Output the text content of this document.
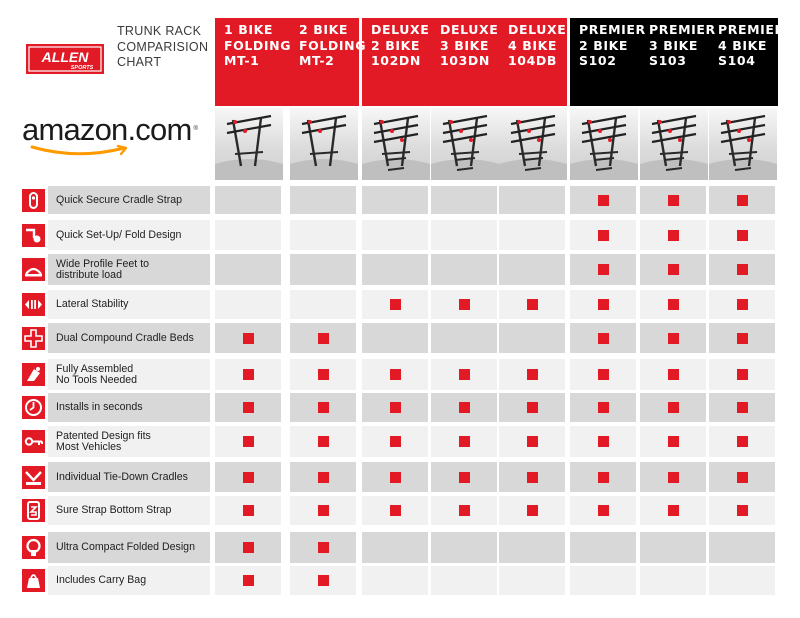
ALLEN
SPORTS
TRUNK RACK
COMPARISION
CHART
amazon.com ®
1 BIKE
FOLDING
MT-1
2 BIKE
FOLDING
MT-2
DELUXE
2 BIKE
102DN
DELUXE
3 BIKE
103DN
DELUXE
4 BIKE
104DB
PREMIER
2 BIKE
S102
PREMIER
3 BIKE
S103
PREMIER
4 BIKE
S104
Quick Secure Cradle Strap
Quick Set-Up/ Fold Design
Wide Profile Feet to
distribute load
Lateral Stability
Dual Compound Cradle Beds
Fully Assembled
No Tools Needed
Installs in seconds
Patented Design fits
Most Vehicles
Individual Tie-Down Cradles
Sure Strap Bottom Strap
Ultra Compact Folded Design
Includes Carry Bag
